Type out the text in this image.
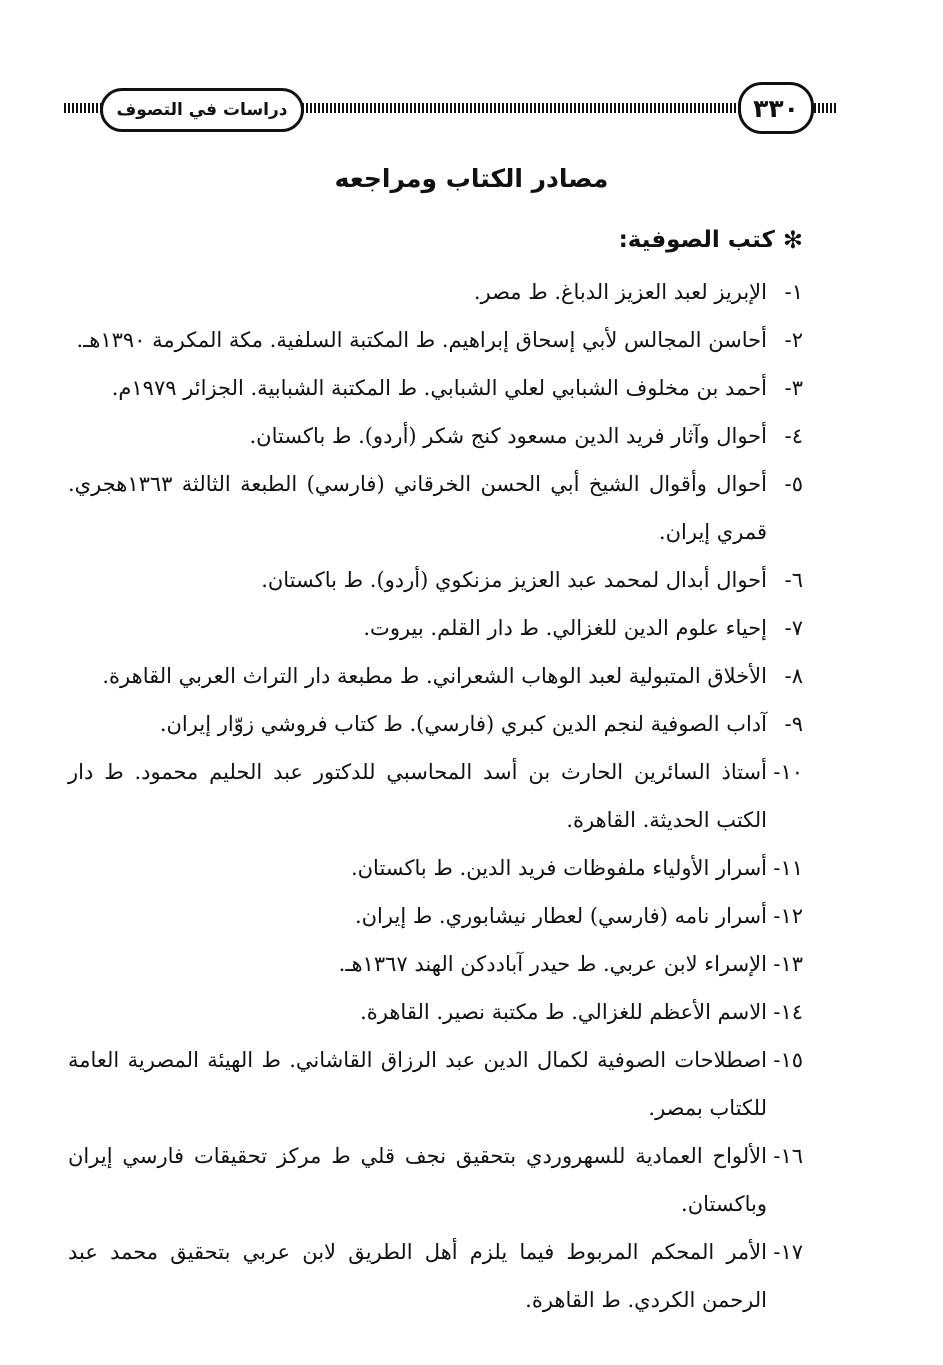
دراسات في التصوف	٣٣٠
مصادر الكتاب ومراجعه
✻
كتب الصوفية:
١-
الإبريز لعبد العزيز الدباغ. ط مصر.
٢-
أحاسن المجالس لأبي إسحاق إبراهيم. ط المكتبة السلفية. مكة المكرمة ١٣٩٠هـ.
٣-
أحمد بن مخلوف الشبابي لعلي الشبابي. ط المكتبة الشبابية. الجزائر ١٩٧٩م.
٤-
أحوال وآثار فريد الدين مسعود كنج شكر (أردو). ط باكستان.
٥-
أحوال وأقوال الشيخ أبي الحسن الخرقاني (فارسي) الطبعة الثالثة ١٣٦٣هجري. قمري إيران.
٦-
أحوال أبدال لمحمد عبد العزيز مزنكوي (أردو). ط باكستان.
٧-
إحياء علوم الدين للغزالي. ط دار القلم. بيروت.
٨-
الأخلاق المتبولية لعبد الوهاب الشعراني. ط مطبعة دار التراث العربي القاهرة.
٩-
آداب الصوفية لنجم الدين كبري (فارسي). ط كتاب فروشي زوّار إيران.
١٠-
أستاذ السائرين الحارث بن أسد المحاسبي للدكتور عبد الحليم محمود. ط دار الكتب الحديثة. القاهرة.
١١-
أسرار الأولياء ملفوظات فريد الدين. ط باكستان.
١٢-
أسرار نامه (فارسي) لعطار نيشابوري. ط إيران.
١٣-
الإسراء لابن عربي. ط حيدر آباددكن الهند ١٣٦٧هـ.
١٤-
الاسم الأعظم للغزالي. ط مكتبة نصير. القاهرة.
١٥-
اصطلاحات الصوفية لكمال الدين عبد الرزاق القاشاني. ط الهيئة المصرية العامة للكتاب بمصر.
١٦-
الألواح العمادية للسهروردي بتحقيق نجف قلي ط مركز تحقيقات فارسي إيران وباكستان.
١٧-
الأمر المحكم المربوط فيما يلزم أهل الطريق لابن عربي بتحقيق محمد عبد الرحمن الكردي. ط القاهرة.
